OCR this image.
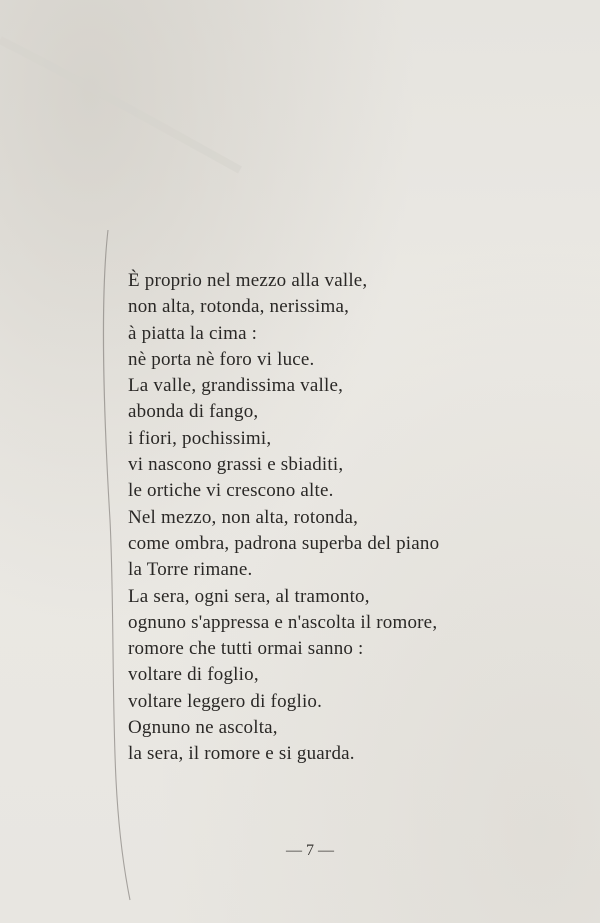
È proprio nel mezzo alla valle,
non alta, rotonda, nerissima,
à piatta la cima :
nè porta nè foro vi luce.
La valle, grandissima valle,
abonda di fango,
i fiori, pochissimi,
vi nascono grassi e sbiaditi,
le ortiche vi crescono alte.
Nel mezzo, non alta, rotonda,
come ombra, padrona superba del piano
la Torre rimane.
La sera, ogni sera, al tramonto,
ognuno s'appressa e n'ascolta il romore,
romore che tutti ormai sanno :
voltare di foglio,
voltare leggero di foglio.
Ognuno ne ascolta,
la sera, il romore e si guarda.
— 7 —
